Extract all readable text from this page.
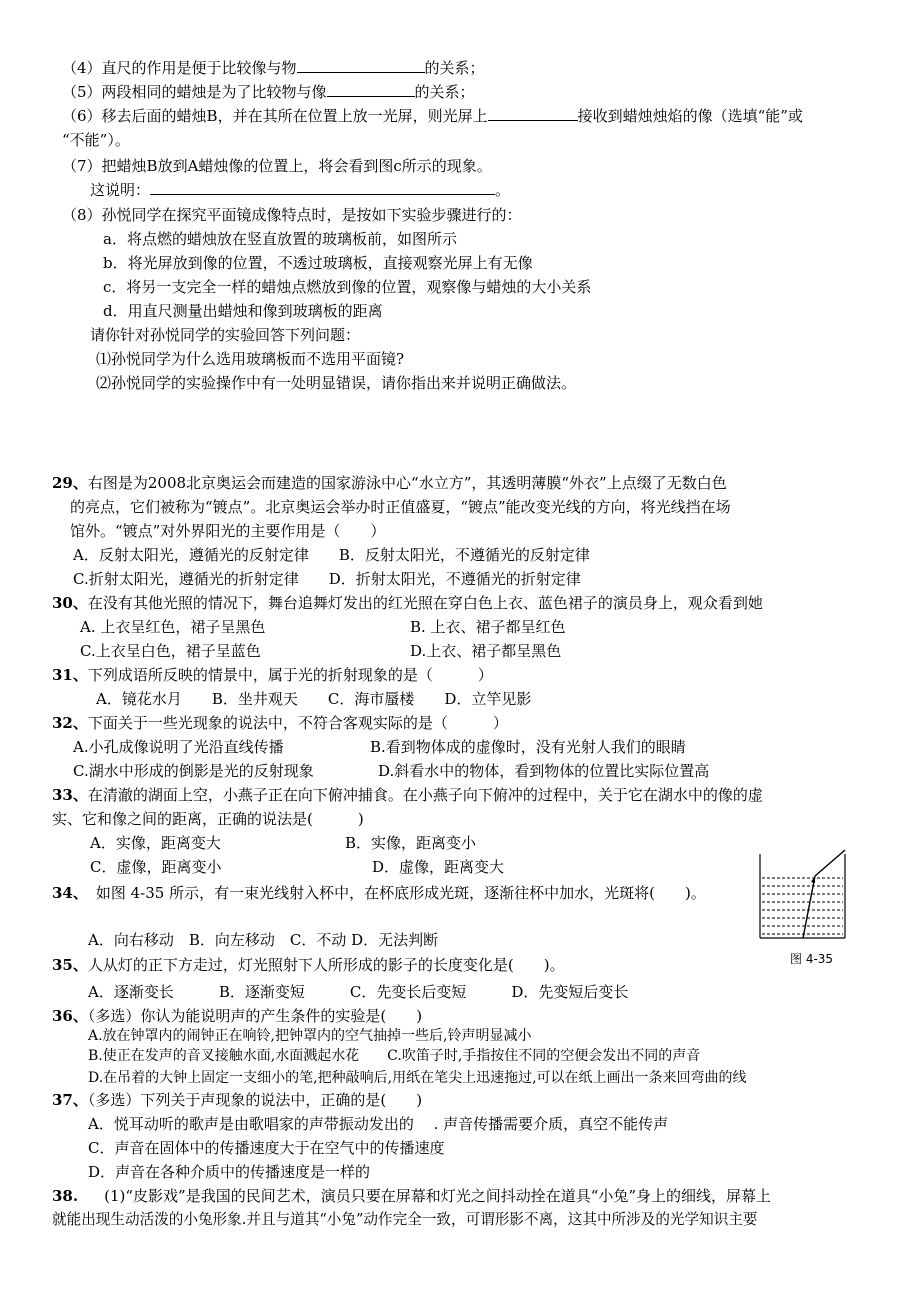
（4）直尺的作用是便于比较像与物	的关系；
（5）两段相同的蜡烛是为了比较物与像	的关系；
（6）移去后面的蜡烛B，并在其所在位置上放一光屏，则光屏上	接收到蜡烛烛焰的像（选填“能”或
“不能”）。
（7）把蜡烛B放到A蜡烛像的位置上，将会看到图c所示的现象。
这说明：	。
（8）孙悦同学在探究平面镜成像特点时，是按如下实验步骤进行的：
a．将点燃的蜡烛放在竖直放置的玻璃板前，如图所示
b．将光屏放到像的位置，不透过玻璃板，直接观察光屏上有无像
c．将另一支完全一样的蜡烛点燃放到像的位置，观察像与蜡烛的大小关系
d．用直尺测量出蜡烛和像到玻璃板的距离
请你针对孙悦同学的实验回答下列问题：
⑴孙悦同学为什么选用玻璃板而不选用平面镜?
⑵孙悦同学的实验操作中有一处明显错误，请你指出来并说明正确做法。
29、右图是为2008北京奥运会而建造的国家游泳中心“水立方”，其透明薄膜“外衣”上点缀了无数白色
的亮点，它们被称为“镀点”。北京奥运会举办时正值盛夏，“镀点”能改变光线的方向，将光线挡在场
馆外。“镀点”对外界阳光的主要作用是（　　）
A．反射太阳光，遵循光的反射定律　　B．反射太阳光，不遵循光的反射定律
C.折射太阳光，遵循光的折射定律　　D．折射太阳光，不遵循光的折射定律
30、在没有其他光照的情况下，舞台追舞灯发出的红光照在穿白色上衣、蓝色裙子的演员身上，观众看到她
A. 上衣呈红色，裙子呈黑色	B. 上衣、裙子都呈红色
C.上衣呈白色，裙子呈蓝色	D.上衣、裙子都呈黑色
31、下列成语所反映的情景中，属于光的折射现象的是（　　　）
A．镜花水月　　B．坐井观天　　C．海市蜃楼　　D．立竿见影
32、下面关于一些光现象的说法中，不符合客观实际的是（　　　）
A.小孔成像说明了光沿直线传播	B.看到物体成的虚像时，没有光射人我们的眼睛
C.湖水中形成的倒影是光的反射现象	D.斜看水中的物体，看到物体的位置比实际位置高
33、在清澈的湖面上空，小燕子正在向下俯冲捕食。在小燕子向下俯冲的过程中，关于它在湖水中的像的虚
实、它和像之间的距离，正确的说法是(　　　)
A．实像，距离变大	B．实像，距离变小
C．虚像，距离变小	D．虚像，距离变大
34、 如图 4-35 所示，有一束光线射入杯中，在杯底形成光斑，逐渐往杯中加水，光斑将(　　)。
A．向右移动　B．向左移动　C．不动 D．无法判断
图 4-35
35、人从灯的正下方走过，灯光照射下人所形成的影子的长度变化是(　　)。
A．逐渐变长　　　B．逐渐变短　　　C．先变长后变短　　　D．先变短后变长
36、（多选）你认为能说明声的产生条件的实验是(　　)
A.放在钟罩内的闹钟正在响铃,把钟罩内的空气抽掉一些后,铃声明显减小
B.使正在发声的音叉接触水面,水面溅起水花　　C.吹笛子时,手指按住不同的空便会发出不同的声音
D.在吊着的大钟上固定一支细小的笔,把种敲响后,用纸在笔尖上迅速拖过,可以在纸上画出一条来回弯曲的线
37、（多选）下列关于声现象的说法中，正确的是(　　)
A．悦耳动听的歌声是由歌唱家的声带振动发出的　 . 声音传播需要介质，真空不能传声
C．声音在固体中的传播速度大于在空气中的传播速度
D．声音在各种介质中的传播速度是一样的
38. (1)“皮影戏”是我国的民间艺术，演员只要在屏幕和灯光之间抖动拴在道具“小兔”身上的细线，屏幕上
就能出现生动活泼的小兔形象.并且与道其“小兔”动作完全一致，可谓形影不离，这其中所涉及的光学知识主要
